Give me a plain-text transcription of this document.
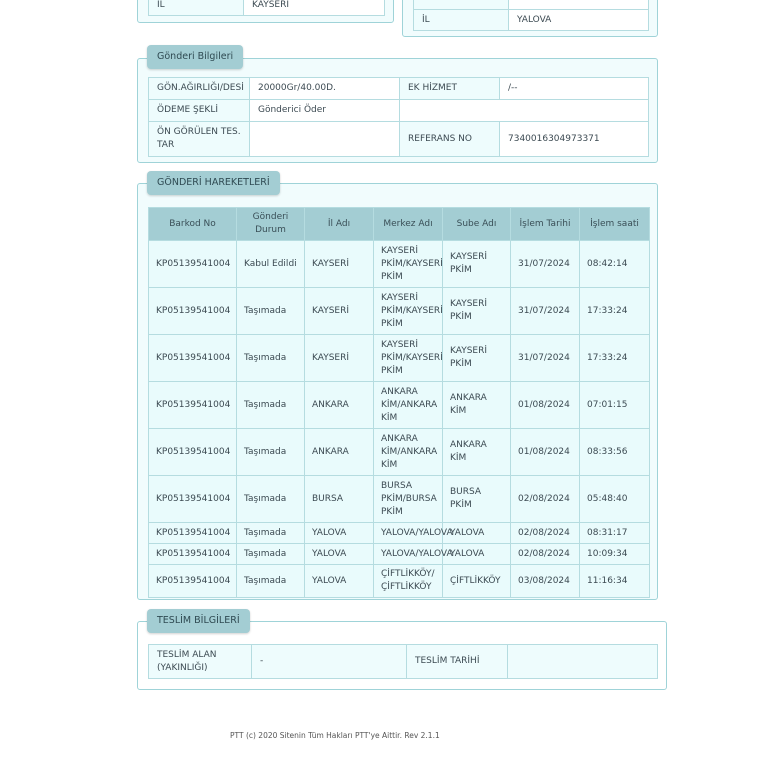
İL	KAYSERİ

İL	YALOVA
GÖN.AĞIRLIĞI/DESİ	20000Gr/40.00D.	EK HİZMET	/--
ÖDEME ŞEKLİ	Gönderici Öder		
ÖN GÖRÜLEN TES. TAR		REFERANS NO	7340016304973371
Gönderi Bilgileri
Barkod No	Gönderi Durum	İl Adı	Merkez Adı	Sube Adı	İşlem Tarihi	İşlem saati
KP05139541004	Kabul Edildi	KAYSERİ	KAYSERİ PKİM/KAYSERİ PKİM	KAYSERİ PKİM	31/07/2024	08:42:14
KP05139541004	Taşımada	KAYSERİ	KAYSERİ PKİM/KAYSERİ PKİM	KAYSERİ PKİM	31/07/2024	17:33:24
KP05139541004	Taşımada	KAYSERİ	KAYSERİ PKİM/KAYSERİ PKİM	KAYSERİ PKİM	31/07/2024	17:33:24
KP05139541004	Taşımada	ANKARA	ANKARA KİM/ANKARA KİM	ANKARA KİM	01/08/2024	07:01:15
KP05139541004	Taşımada	ANKARA	ANKARA KİM/ANKARA KİM	ANKARA KİM	01/08/2024	08:33:56
KP05139541004	Taşımada	BURSA	BURSA PKİM/BURSA PKİM	BURSA PKİM	02/08/2024	05:48:40
KP05139541004	Taşımada	YALOVA	YALOVA/YALOVA	YALOVA	02/08/2024	08:31:17
KP05139541004	Taşımada	YALOVA	YALOVA/YALOVA	YALOVA	02/08/2024	10:09:34
KP05139541004	Taşımada	YALOVA	ÇİFTLİKKÖY/ ÇİFTLİKKÖY	ÇİFTLİKKÖY	03/08/2024	11:16:34
GÖNDERİ HAREKETLERİ
TESLİM ALAN (YAKINLIĞI)	-	TESLİM TARİHİ	
TESLİM BİLGİLERİ
PTT (c) 2020 Sitenin Tüm Hakları PTT'ye Aittir. Rev 2.1.1
